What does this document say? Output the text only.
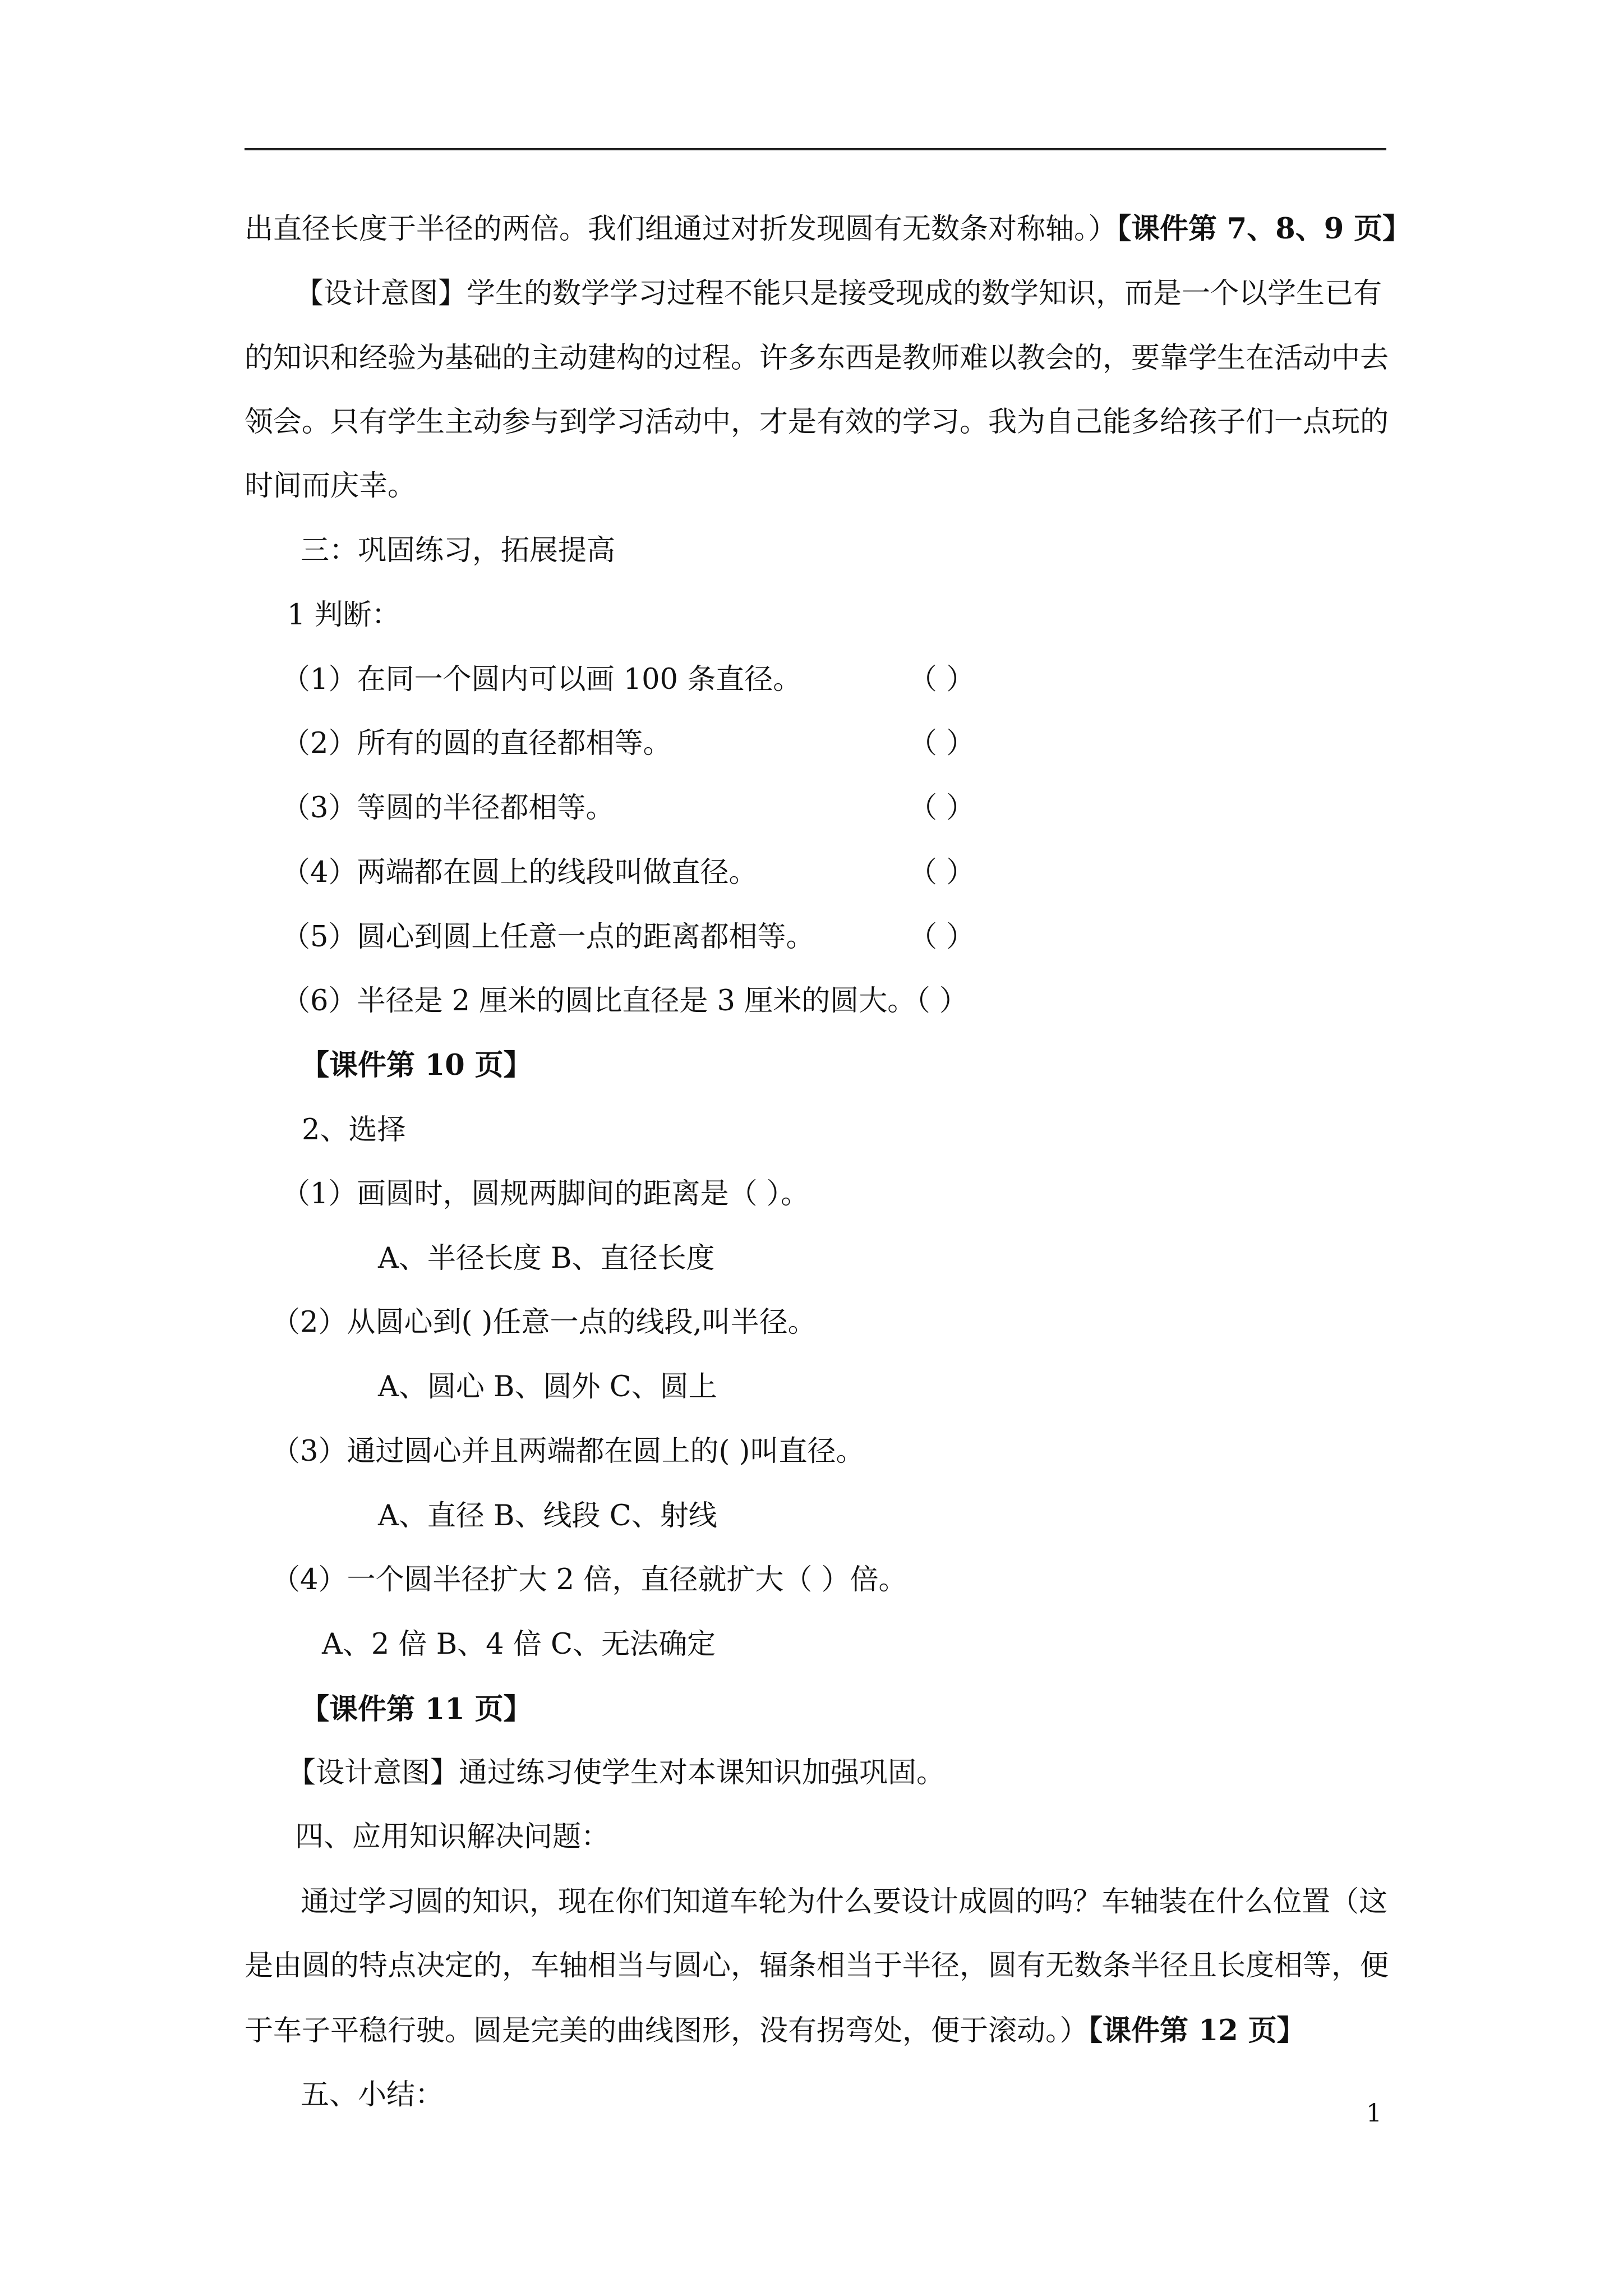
出直径长度于半径的两倍。我们组通过对折发现圆有无数条对称轴。）【课件第 7、8、9 页】
【设计意图】学生的数学学习过程不能只是接受现成的数学知识，而是一个以学生已有
的知识和经验为基础的主动建构的过程。许多东西是教师难以教会的，要靠学生在活动中去
领会。只有学生主动参与到学习活动中，才是有效的学习。我为自己能多给孩子们一点玩的
时间而庆幸。
三：巩固练习，拓展提高
1 判断：
（1）在同一个圆内可以画 100 条直径。	（ ）
（2）所有的圆的直径都相等。	（ ）
（3）等圆的半径都相等。	（ ）
（4）两端都在圆上的线段叫做直径。	（ ）
（5）圆心到圆上任意一点的距离都相等。	（ ）
（6）半径是 2 厘米的圆比直径是 3 厘米的圆大。（ ）
【课件第 10 页】
2、选择
（1）画圆时，圆规两脚间的距离是（ ）。
A、半径长度 B、直径长度
（2）从圆心到( )任意一点的线段,叫半径。
A、圆心 B、圆外 C、圆上
（3）通过圆心并且两端都在圆上的( )叫直径。
A、直径 B、线段 C、射线
（4）一个圆半径扩大 2 倍，直径就扩大（ ）倍。
A、2 倍 B、4 倍 C、无法确定
【课件第 11 页】
【设计意图】通过练习使学生对本课知识加强巩固。
四、应用知识解决问题：
通过学习圆的知识，现在你们知道车轮为什么要设计成圆的吗？车轴装在什么位置（这
是由圆的特点决定的，车轴相当与圆心，辐条相当于半径，圆有无数条半径且长度相等，便
于车子平稳行驶。圆是完美的曲线图形，没有拐弯处，便于滚动。）【课件第 12 页】
五、小结：
1
